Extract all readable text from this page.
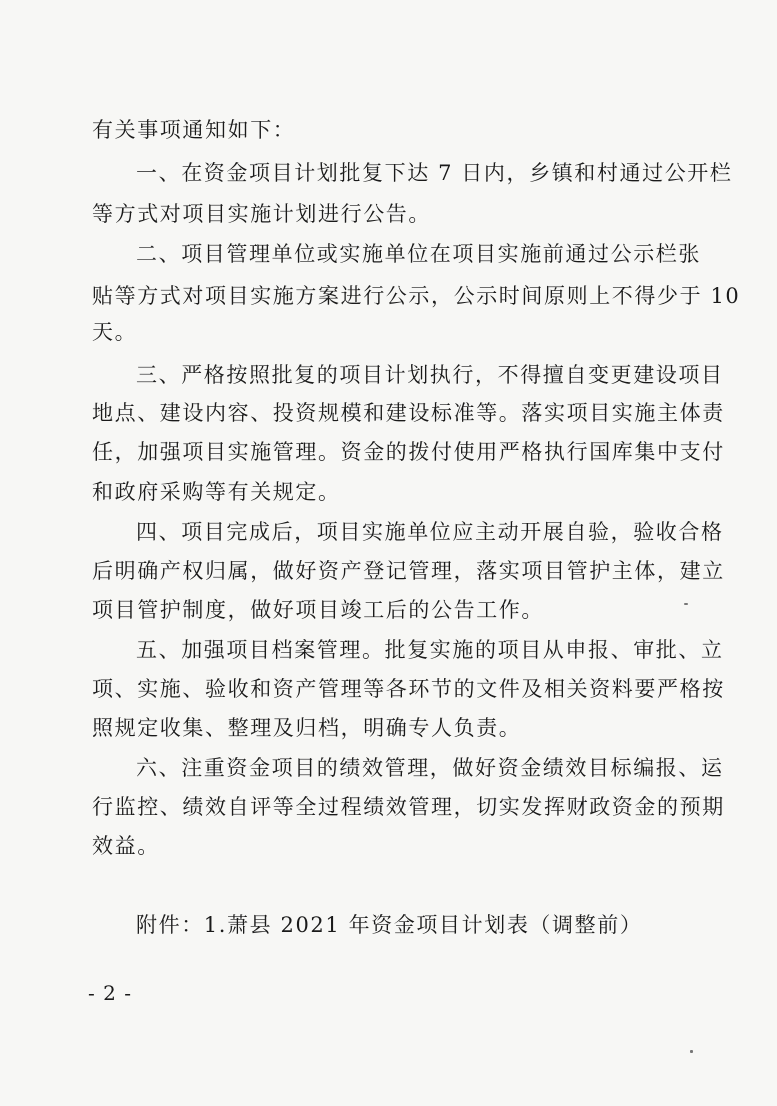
有关事项通知如下：
一、在资金项目计划批复下达 7 日内，乡镇和村通过公开栏
等方式对项目实施计划进行公告。
二、项目管理单位或实施单位在项目实施前通过公示栏张
贴等方式对项目实施方案进行公示，公示时间原则上不得少于 10
天。
三、严格按照批复的项目计划执行，不得擅自变更建设项目
地点、建设内容、投资规模和建设标准等。落实项目实施主体责
任，加强项目实施管理。资金的拨付使用严格执行国库集中支付
和政府采购等有关规定。
四、项目完成后，项目实施单位应主动开展自验，验收合格
后明确产权归属，做好资产登记管理，落实项目管护主体，建立
项目管护制度，做好项目竣工后的公告工作。
五、加强项目档案管理。批复实施的项目从申报、审批、立
项、实施、验收和资产管理等各环节的文件及相关资料要严格按
照规定收集、整理及归档，明确专人负责。
六、注重资金项目的绩效管理，做好资金绩效目标编报、运
行监控、绩效自评等全过程绩效管理，切实发挥财政资金的预期
效益。
附件：1.萧县 2021 年资金项目计划表（调整前）
- 2 -
